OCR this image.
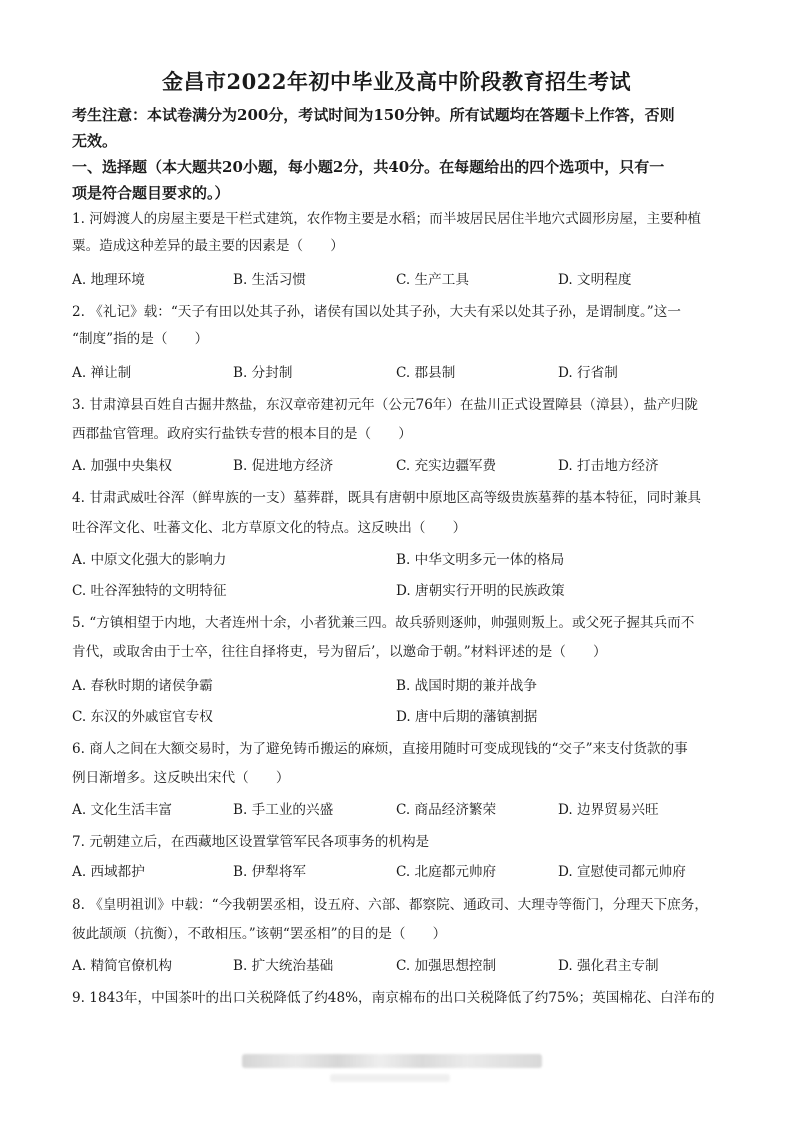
金昌市2022年初中毕业及高中阶段教育招生考试
考生注意：本试卷满分为200分，考试时间为150分钟。所有试题均在答题卡上作答，否则
无效。
一、选择题（本大题共20小题，每小题2分，共40分。在每题给出的四个选项中，只有一
项是符合题目要求的。）
1. 河姆渡人的房屋主要是干栏式建筑，农作物主要是水稻；而半坡居民居住半地穴式圆形房屋，主要种植
粟。造成这种差异的最主要的因素是（　　）
A. 地理环境	B. 生活习惯	C. 生产工具	D. 文明程度
2. 《礼记》载：“天子有田以处其子孙，诸侯有国以处其子孙，大夫有采以处其子孙，是谓制度。”这一
“制度”指的是（　　）
A. 禅让制	B. 分封制	C. 郡县制	D. 行省制
3. 甘肃漳县百姓自古掘井熬盐，东汉章帝建初元年（公元76年）在盐川正式设置障县（漳县），盐产归陇
西郡盐官管理。政府实行盐铁专营的根本目的是（　　）
A. 加强中央集权	B. 促进地方经济	C. 充实边疆军费	D. 打击地方经济
4. 甘肃武威吐谷浑（鲜卑族的一支）墓葬群，既具有唐朝中原地区高等级贵族墓葬的基本特征，同时兼具
吐谷浑文化、吐蕃文化、北方草原文化的特点。这反映出（　　）
A. 中原文化强大的影响力	B. 中华文明多元一体的格局
C. 吐谷浑独特的文明特征	D. 唐朝实行开明的民族政策
5. “方镇相望于内地，大者连州十余，小者犹兼三四。故兵骄则逐帅，帅强则叛上。或父死子握其兵而不
肯代，或取舍由于士卒，往往自择将吏，号为留后’，以邀命于朝。”材料评述的是（　　）
A. 春秋时期的诸侯争霸	B. 战国时期的兼并战争
C. 东汉的外戚宦官专权	D. 唐中后期的藩镇割据
6. 商人之间在大额交易时，为了避免铸币搬运的麻烦，直接用随时可变成现钱的“交子”来支付货款的事
例日渐增多。这反映出宋代（　　）
A. 文化生活丰富	B. 手工业的兴盛	C. 商品经济繁荣	D. 边界贸易兴旺
7. 元朝建立后，在西藏地区设置掌管军民各项事务的机构是
A. 西域都护	B. 伊犁将军	C. 北庭都元帅府	D. 宣慰使司都元帅府
8. 《皇明祖训》中载：“今我朝罢丞相，设五府、六部、都察院、通政司、大理寺等衙门，分理天下庶务，
彼此颉颃（抗衡），不敢相压。”该朝“罢丞相”的目的是（　　）
A. 精简官僚机构	B. 扩大统治基础	C. 加强思想控制	D. 强化君主专制
9. 1843年，中国茶叶的出口关税降低了约48%，南京棉布的出口关税降低了约75%；英国棉花、白洋布的
